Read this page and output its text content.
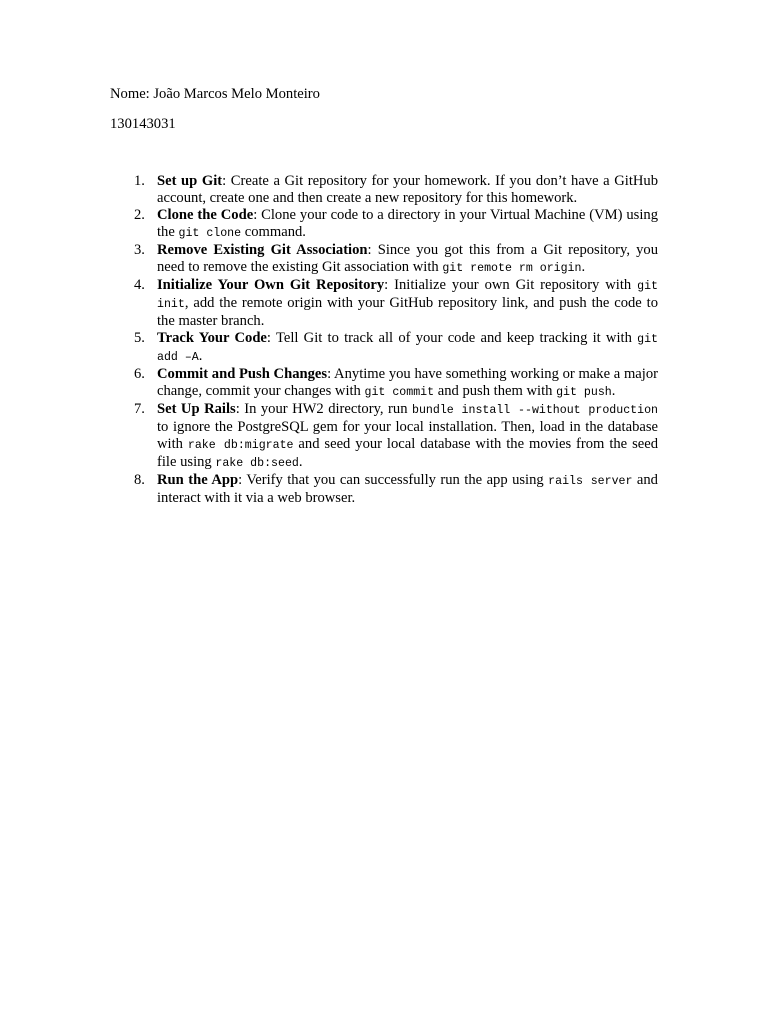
Nome: João Marcos Melo Monteiro
130143031
1. Set up Git: Create a Git repository for your homework. If you don’t have a GitHub account, create one and then create a new repository for this homework.
2. Clone the Code: Clone your code to a directory in your Virtual Machine (VM) using the git clone command.
3. Remove Existing Git Association: Since you got this from a Git repository, you need to remove the existing Git association with git remote rm origin.
4. Initialize Your Own Git Repository: Initialize your own Git repository with git init, add the remote origin with your GitHub repository link, and push the code to the master branch.
5. Track Your Code: Tell Git to track all of your code and keep tracking it with git add –A.
6. Commit and Push Changes: Anytime you have something working or make a major change, commit your changes with git commit and push them with git push.
7. Set Up Rails: In your HW2 directory, run bundle install --without production to ignore the PostgreSQL gem for your local installation. Then, load in the database with rake db:migrate and seed your local database with the movies from the seed file using rake db:seed.
8. Run the App: Verify that you can successfully run the app using rails server and interact with it via a web browser.
